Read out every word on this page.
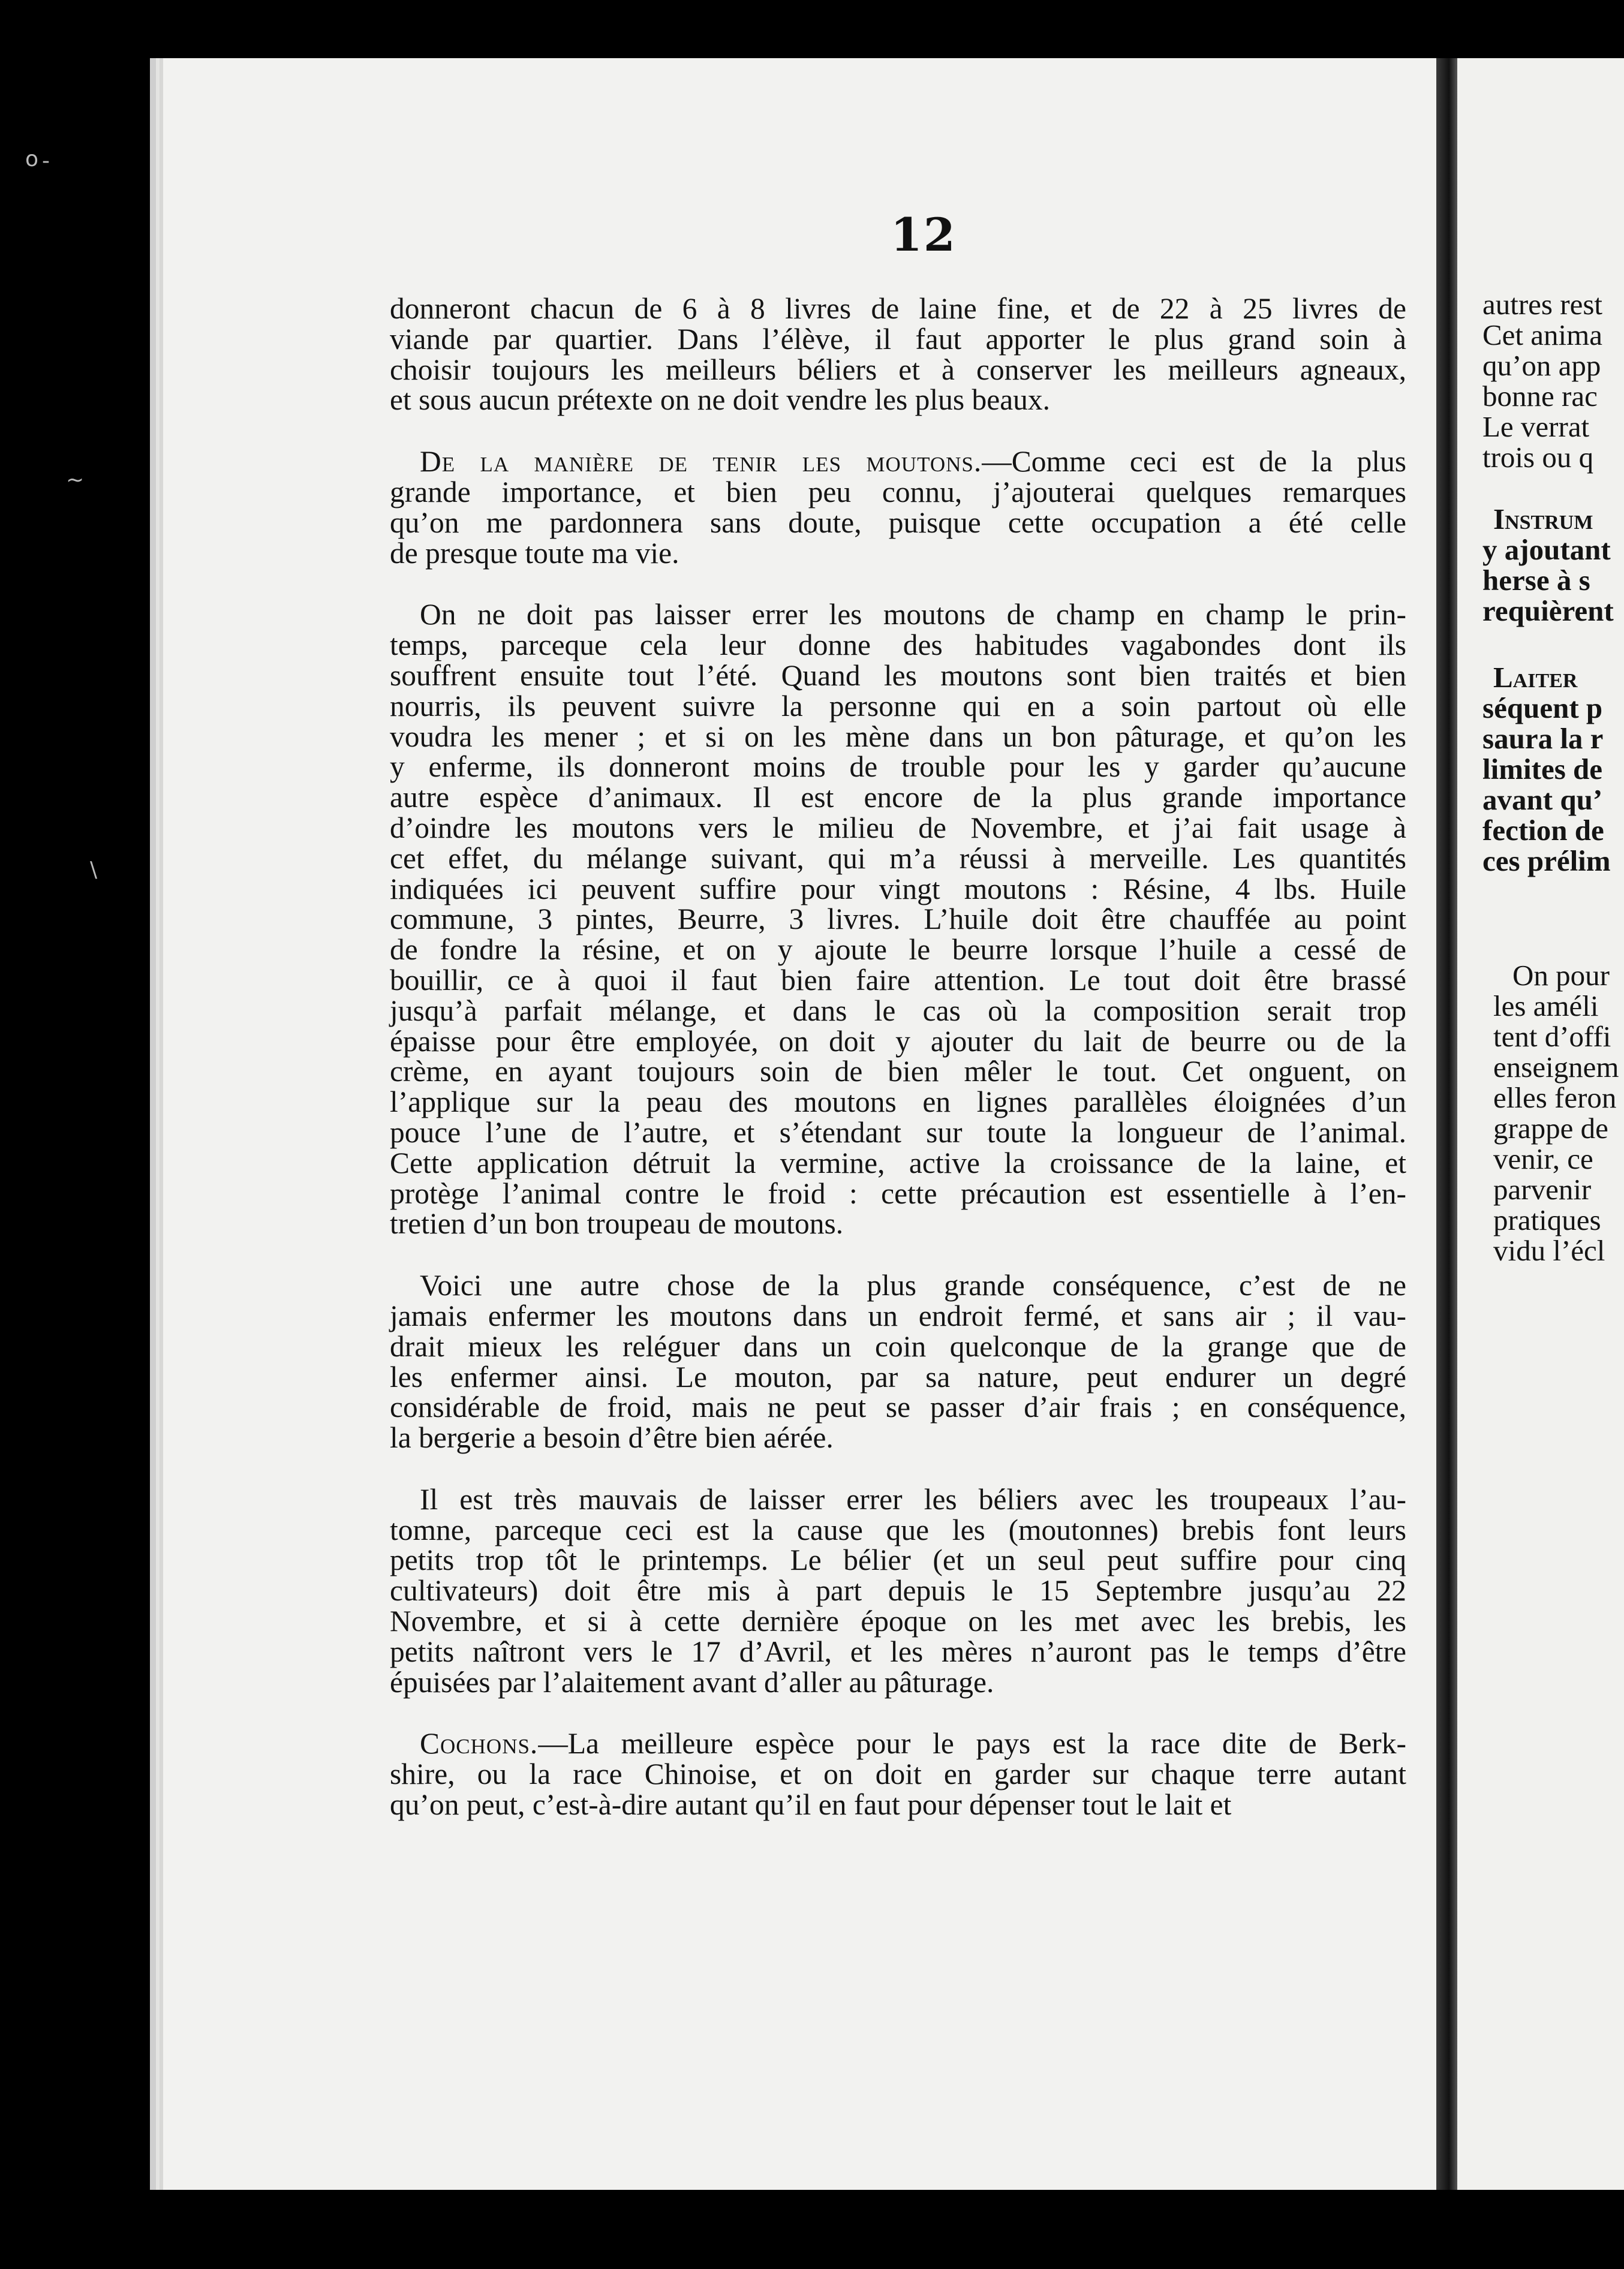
o -
~
\
12
donneront chacun de 6 à 8 livres de laine fine, et de 22 à 25 livres de
viande par quartier. Dans l’élève, il faut apporter le plus grand soin à
choisir toujours les meilleurs béliers et à conserver les meilleurs agneaux,
et sous aucun prétexte on ne doit vendre les plus beaux.
De la manière de tenir les moutons.—Comme ceci est de la plus
grande importance, et bien peu connu, j’ajouterai quelques remarques
qu’on me pardonnera sans doute, puisque cette occupation a été celle
de presque toute ma vie.
On ne doit pas laisser errer les moutons de champ en champ le prin-
temps, parceque cela leur donne des habitudes vagabondes dont ils
souffrent ensuite tout l’été. Quand les moutons sont bien traités et bien
nourris, ils peuvent suivre la personne qui en a soin partout où elle
voudra les mener ; et si on les mène dans un bon pâturage, et qu’on les
y enferme, ils donneront moins de trouble pour les y garder qu’aucune
autre espèce d’animaux. Il est encore de la plus grande importance
d’oindre les moutons vers le milieu de Novembre, et j’ai fait usage à
cet effet, du mélange suivant, qui m’a réussi à merveille. Les quantités
indiquées ici peuvent suffire pour vingt moutons : Résine, 4 lbs. Huile
commune, 3 pintes, Beurre, 3 livres. L’huile doit être chauffée au point
de fondre la résine, et on y ajoute le beurre lorsque l’huile a cessé de
bouillir, ce à quoi il faut bien faire attention. Le tout doit être brassé
jusqu’à parfait mélange, et dans le cas où la composition serait trop
épaisse pour être employée, on doit y ajouter du lait de beurre ou de la
crème, en ayant toujours soin de bien mêler le tout. Cet onguent, on
l’applique sur la peau des moutons en lignes parallèles éloignées d’un
pouce l’une de l’autre, et s’étendant sur toute la longueur de l’animal.
Cette application détruit la vermine, active la croissance de la laine, et
protège l’animal contre le froid : cette précaution est essentielle à l’en-
tretien d’un bon troupeau de moutons.
Voici une autre chose de la plus grande conséquence, c’est de ne
jamais enfermer les moutons dans un endroit fermé, et sans air ; il vau-
drait mieux les reléguer dans un coin quelconque de la grange que de
les enfermer ainsi. Le mouton, par sa nature, peut endurer un degré
considérable de froid, mais ne peut se passer d’air frais ; en conséquence,
la bergerie a besoin d’être bien aérée.
Il est très mauvais de laisser errer les béliers avec les troupeaux l’au-
tomne, parceque ceci est la cause que les (moutonnes) brebis font leurs
petits trop tôt le printemps. Le bélier (et un seul peut suffire pour cinq
cultivateurs) doit être mis à part depuis le 15 Septembre jusqu’au 22
Novembre, et si à cette dernière époque on les met avec les brebis, les
petits naîtront vers le 17 d’Avril, et les mères n’auront pas le temps d’être
épuisées par l’alaitement avant d’aller au pâturage.
Cochons.—La meilleure espèce pour le pays est la race dite de Berk-
shire, ou la race Chinoise, et on doit en garder sur chaque terre autant
qu’on peut, c’est-à-dire autant qu’il en faut pour dépenser tout le lait et

autres rest

Cet anima

qu’on app

bonne rac

Le verrat

trois ou q

Instrum

y ajoutant

herse à s

requièrent

Laiter

séquent p

saura la r

limites de

avant qu’

fection de

ces prélim

On pour

les améli

tent d’offi

enseignem

elles feron

grappe de

venir, ce

parvenir

pratiques

vidu l’écl
